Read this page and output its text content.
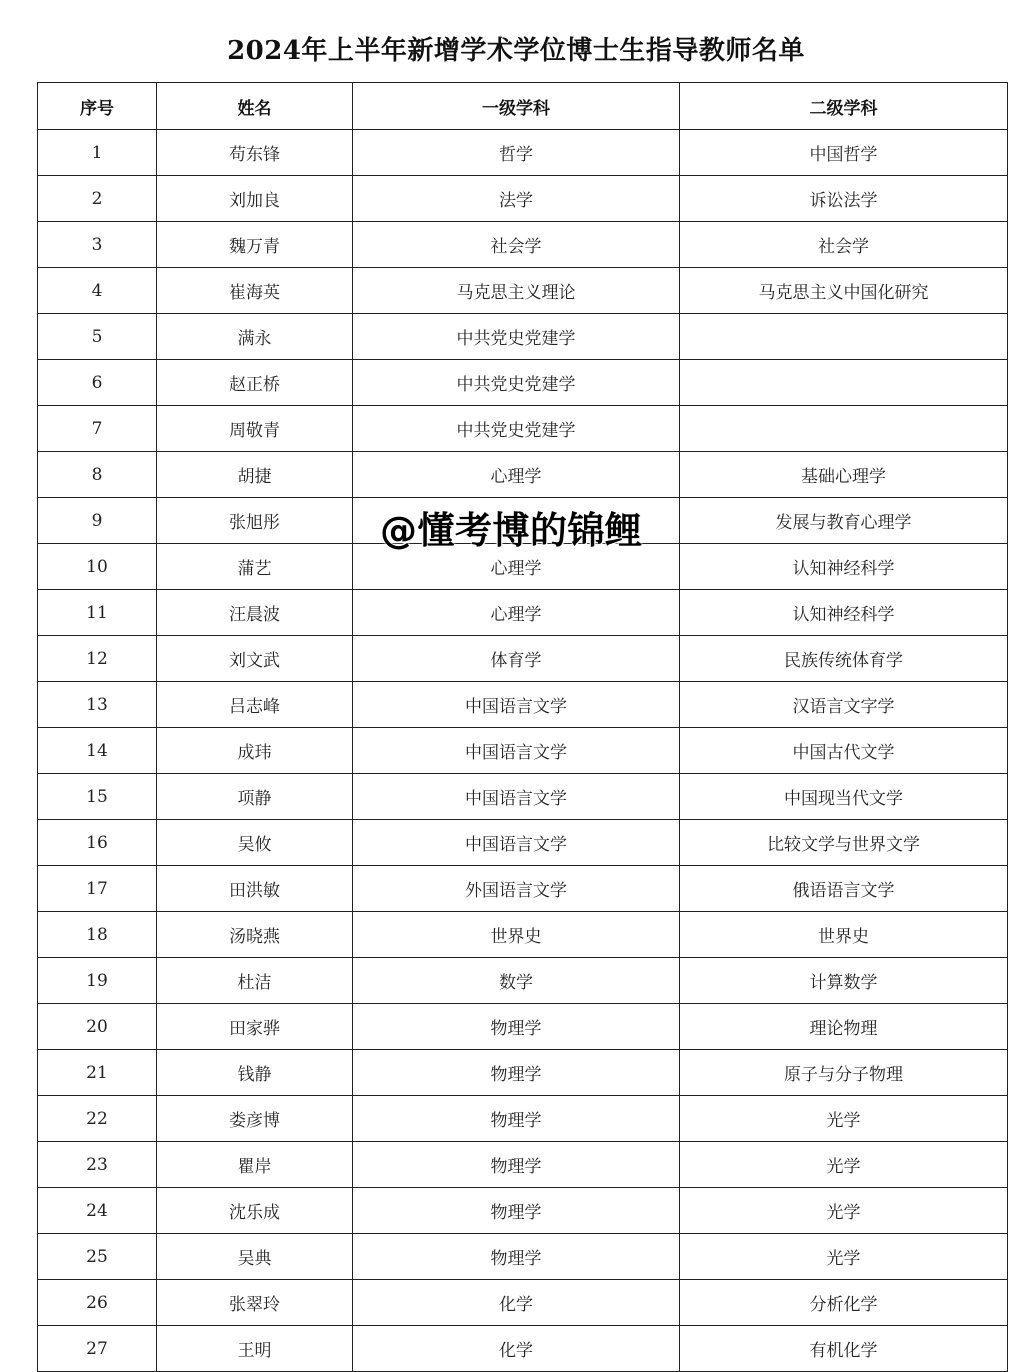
2024年上半年新增学术学位博士生指导教师名单
序号	姓名	一级学科	二级学科
1	苟东锋	哲学	中国哲学
2	刘加良	法学	诉讼法学
3	魏万青	社会学	社会学
4	崔海英	马克思主义理论	马克思主义中国化研究
5	满永	中共党史党建学	
6	赵正桥	中共党史党建学	
7	周敬青	中共党史党建学	
8	胡捷	心理学	基础心理学
9	张旭彤		发展与教育心理学
10	蒲艺	心理学	认知神经科学
11	汪晨波	心理学	认知神经科学
12	刘文武	体育学	民族传统体育学
13	吕志峰	中国语言文学	汉语言文字学
14	成玮	中国语言文学	中国古代文学
15	项静	中国语言文学	中国现当代文学
16	吴攸	中国语言文学	比较文学与世界文学
17	田洪敏	外国语言文学	俄语语言文学
18	汤晓燕	世界史	世界史
19	杜洁	数学	计算数学
20	田家骅	物理学	理论物理
21	钱静	物理学	原子与分子物理
22	娄彦博	物理学	光学
23	瞿岸	物理学	光学
24	沈乐成	物理学	光学
25	吴典	物理学	光学
26	张翠玲	化学	分析化学
27	王明	化学	有机化学
@懂考博的锦鲤
